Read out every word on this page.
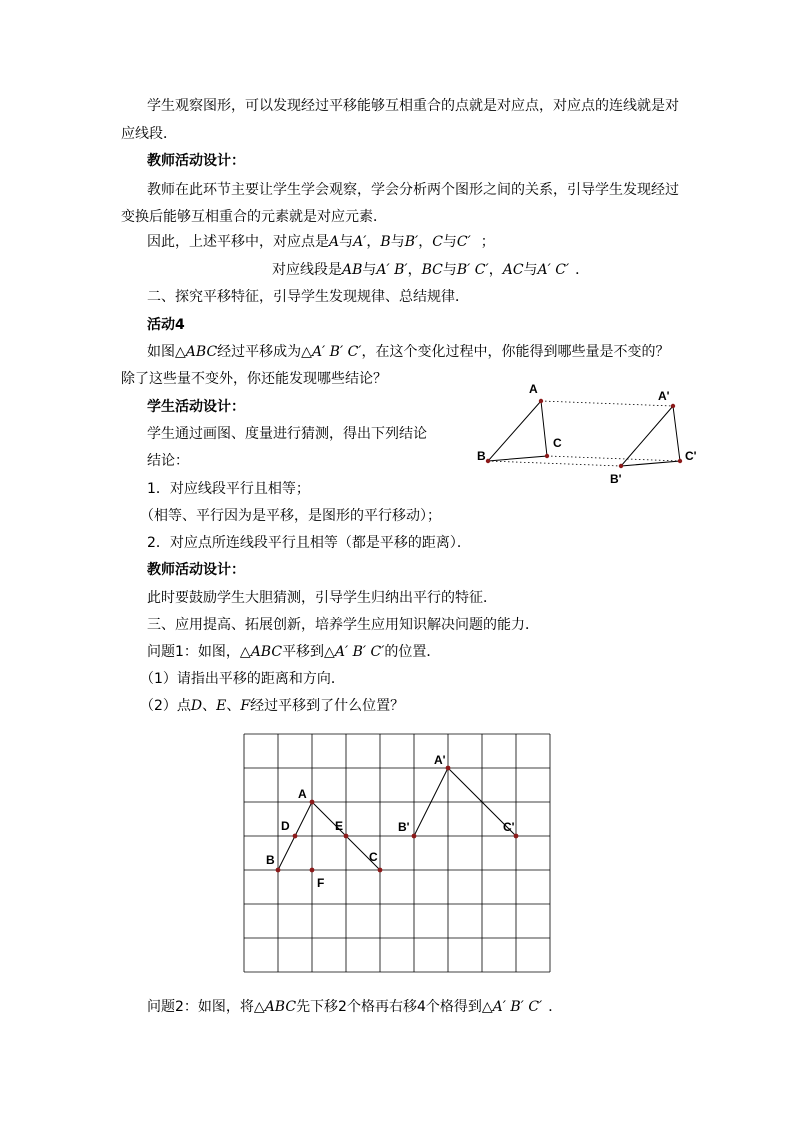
学生观察图形，可以发现经过平移能够互相重合的点就是对应点，对应点的连线就是对
应线段．
教师活动设计：
教师在此环节主要让学生学会观察，学会分析两个图形之间的关系，引导学生发现经过
变换后能够互相重合的元素就是对应元素．
因此，上述平移中，对应点是A与A′，B与B′，C与C′ ；
对应线段是AB与A′ B′，BC与B′ C′，AC与A′ C′ ．
二、探究平移特征，引导学生发现规律、总结规律．
活动4
如图△ABC经过平移成为△A′ B′ C′，在这个变化过程中，你能得到哪些量是不变的？
除了这些量不变外，你还能发现哪些结论？
学生活动设计：
学生通过画图、度量进行猜测，得出下列结论
结论：
1．对应线段平行且相等；
（相等、平行因为是平移，是图形的平行移动）；
2．对应点所连线段平行且相等（都是平移的距离）．
教师活动设计：
此时要鼓励学生大胆猜测，引导学生归纳出平行的特征．
三、应用提高、拓展创新，培养学生应用知识解决问题的能力．
问题1：如图，△ABC平移到△A′ B′ C′的位置．
（1）请指出平移的距离和方向．
（2）点D、E、F经过平移到了什么位置？
问题2：如图，将△ABC先下移2个格再右移4个格得到△A′ B′ C′ ．
A
B
C
A'
B'
C'
A
B	C
D	E
F
A'
B'	C'
